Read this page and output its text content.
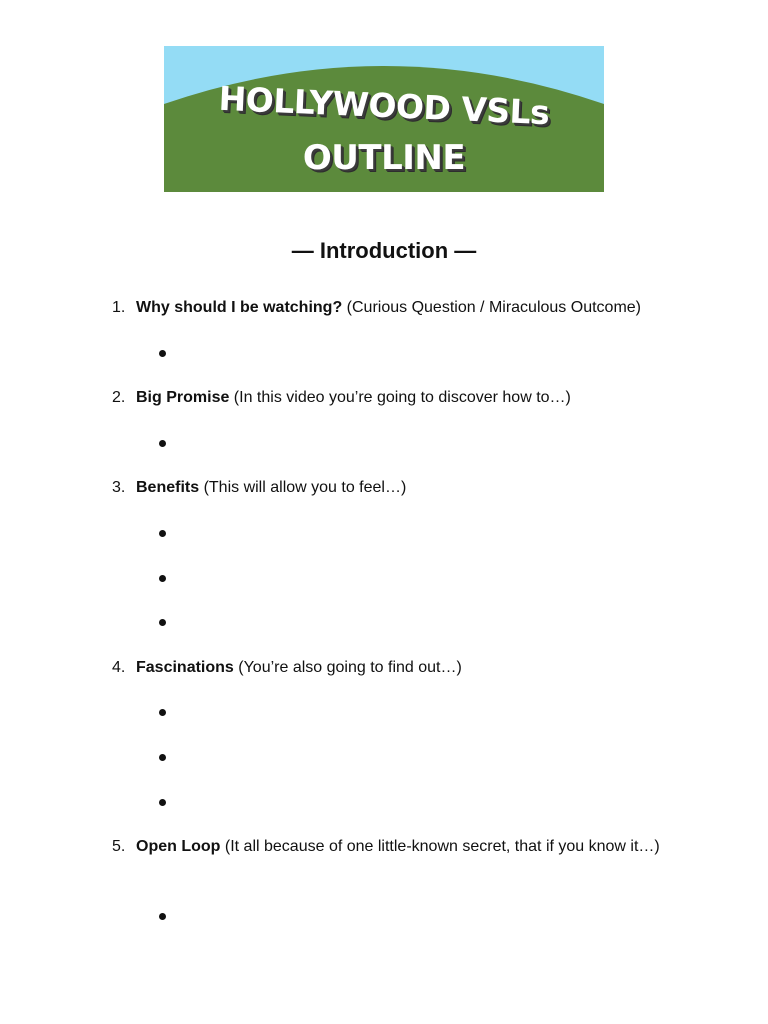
HOLLYWOOD VSLs
OUTLINE
— Introduction —
1. Why should I be watching? (Curious Question / Miraculous Outcome)
2. Big Promise (In this video you’re going to discover how to…)
3. Benefits (This will allow you to feel…)
4. Fascinations (You’re also going to find out…)
5. Open Loop (It all because of one little-known secret, that if you know it…)
